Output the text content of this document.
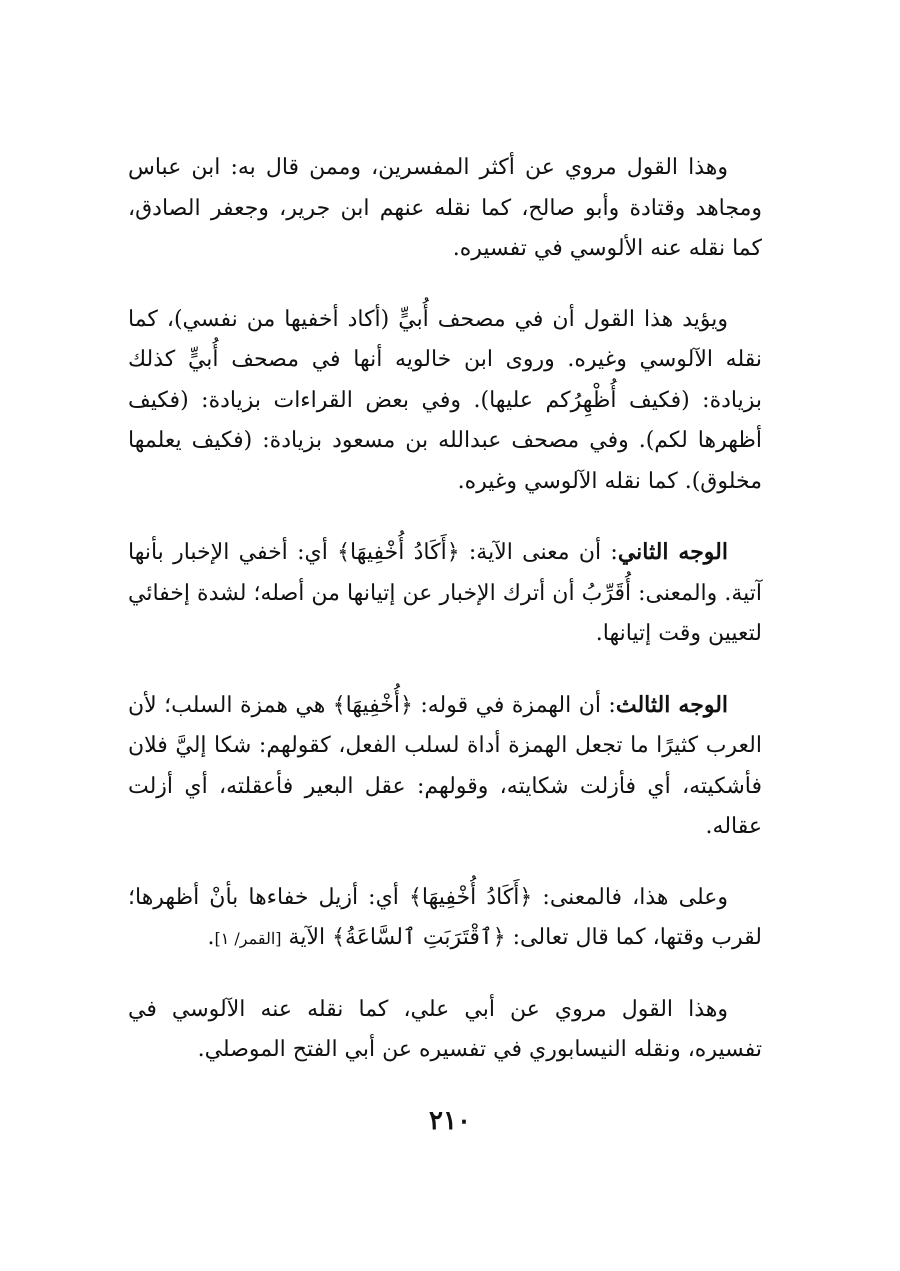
وهذا القول مروي عن أكثر المفسرين، وممن قال به: ابن عباس ومجاهد وقتادة وأبو صالح، كما نقله عنهم ابن جرير، وجعفر الصادق، كما نقله عنه الألوسي في تفسيره.

ويؤيد هذا القول أن في مصحف أُبيٍّ (أكاد أخفيها من نفسي)، كما نقله الآلوسي وغيره. وروى ابن خالويه أنها في مصحف أُبيٍّ كذلك بزيادة: (فكيف أُظْهِرُكم عليها). وفي بعض القراءات بزيادة: (فكيف أظهرها لكم). وفي مصحف عبدالله بن مسعود بزيادة: (فكيف يعلمها مخلوق). كما نقله الآلوسي وغيره.

الوجه الثاني: أن معنى الآية: ﴿أَكَادُ أُخْفِيهَا﴾ أي: أخفي الإخبار بأنها آتية. والمعنى: أُقَرِّبُ أن أترك الإخبار عن إتيانها من أصله؛ لشدة إخفائي لتعيين وقت إتيانها.

الوجه الثالث: أن الهمزة في قوله: ﴿أُخْفِيهَا﴾ هي همزة السلب؛ لأن العرب كثيرًا ما تجعل الهمزة أداة لسلب الفعل، كقولهم: شكا إليَّ فلان فأشكيته، أي فأزلت شكايته، وقولهم: عقل البعير فأعقلته، أي أزلت عقاله.

وعلى هذا، فالمعنى: ﴿أَكَادُ أُخْفِيهَا﴾ أي: أزيل خفاءها بأنْ أظهرها؛ لقرب وقتها، كما قال تعالى: ﴿ٱقْتَرَبَتِ ٱلسَّاعَةُ﴾ الآية [القمر/ ١].

وهذا القول مروي عن أبي علي، كما نقله عنه الآلوسي في تفسيره، ونقله النيسابوري في تفسيره عن أبي الفتح الموصلي.

٢١٠
